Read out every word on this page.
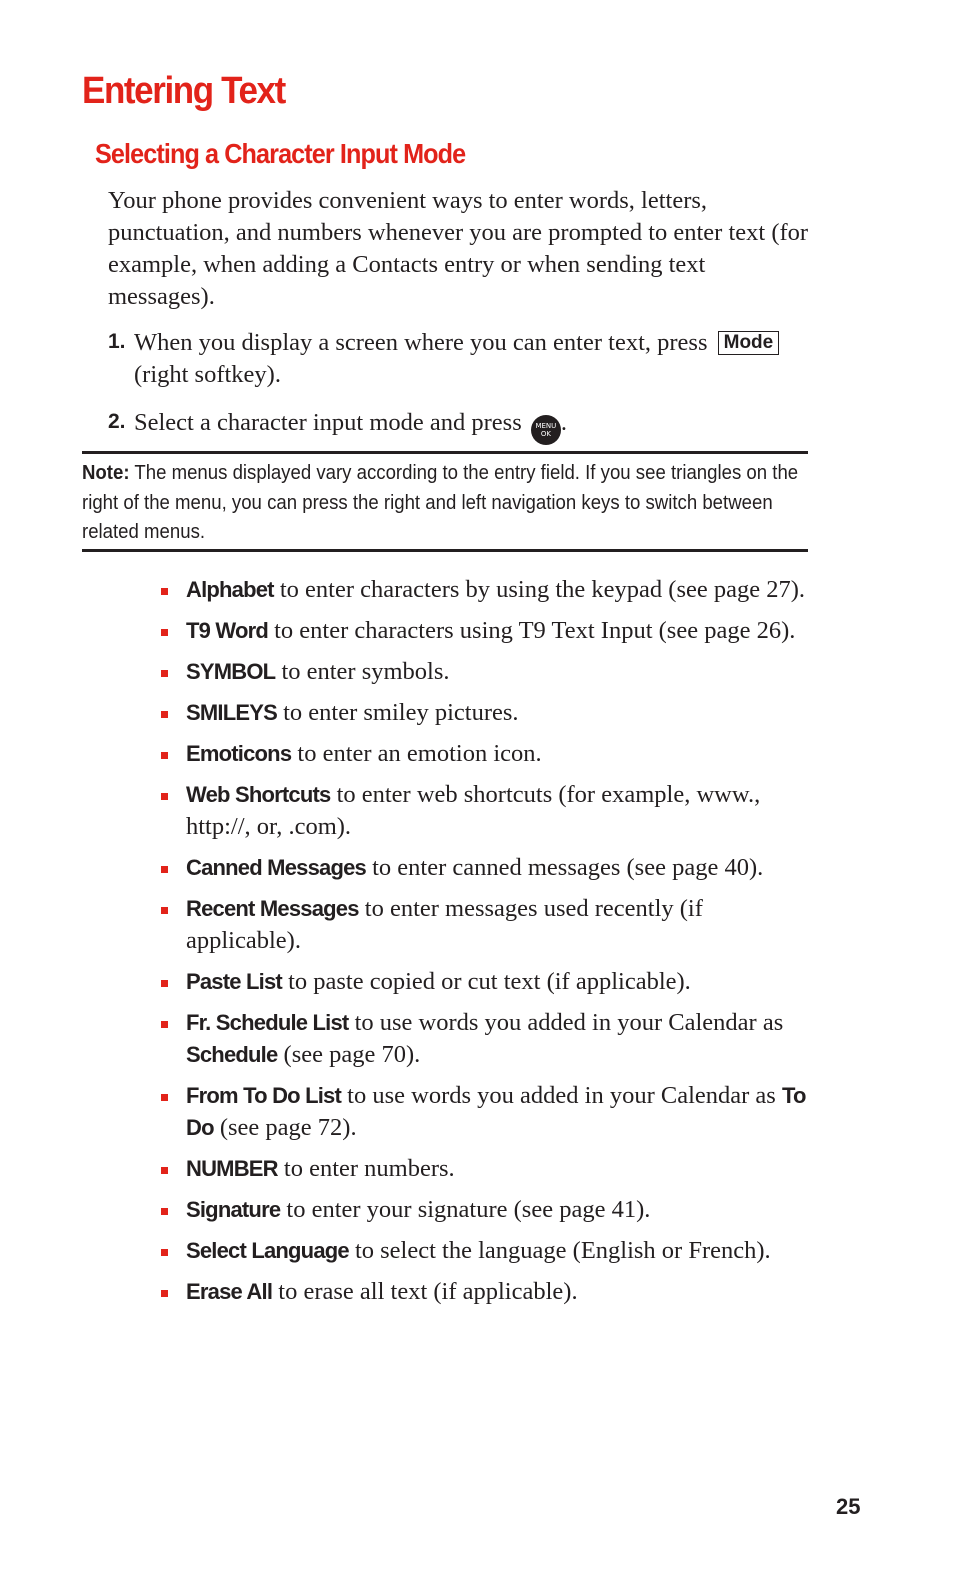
Entering Text
Selecting a Character Input Mode

Your phone provides convenient ways to enter words, letters, punctuation, and numbers whenever you are prompted to enter text (for example, when adding a Contacts entry or when sending text messages).

1. When you display a screen where you can enter text, press Mode (right softkey).
2. Select a character input mode and press MENU
OK .
Note: The menus displayed vary according to the entry field. If you see triangles on the right of the menu, you can press the right and left navigation keys to switch between related menus.
Alphabet to enter characters by using the keypad (see page 27).
T9 Word to enter characters using T9 Text Input (see page 26).
SYMBOL to enter symbols.
SMILEYS to enter smiley pictures.
Emoticons to enter an emotion icon.
Web Shortcuts to enter web shortcuts (for example, www., http://, or, .com).
Canned Messages to enter canned messages (see page 40).
Recent Messages to enter messages used recently (if applicable).
Paste List to paste copied or cut text (if applicable).
Fr. Schedule List to use words you added in your Calendar as Schedule (see page 70).
From To Do List to use words you added in your Calendar as To Do (see page 72).
NUMBER to enter numbers.
Signature to enter your signature (see page 41).
Select Language to select the language (English or French).
Erase All to erase all text (if applicable).
25
